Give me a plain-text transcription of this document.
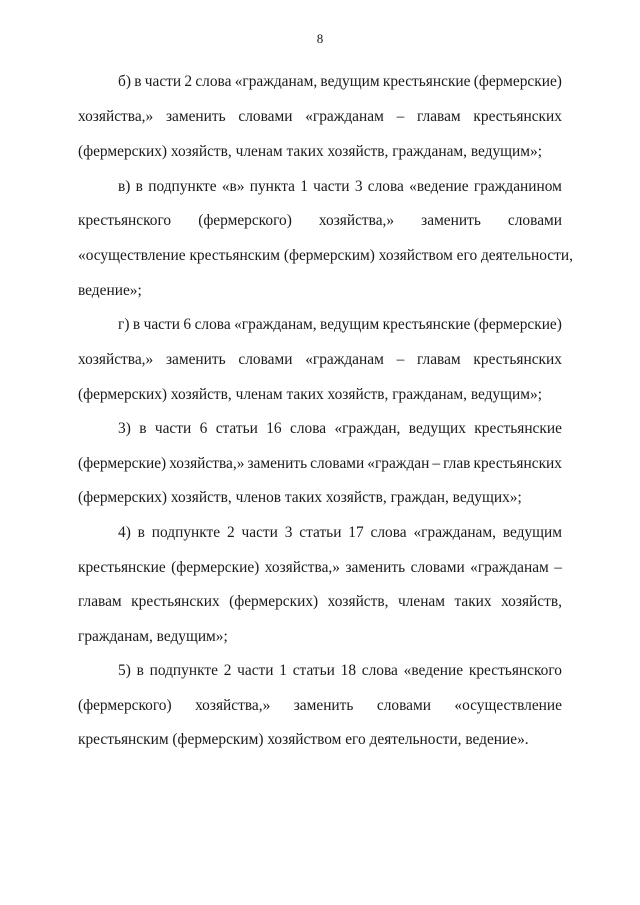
8
б) в части 2 слова «гражданам, ведущим крестьянские (фермерские)
хозяйства,» заменить словами «гражданам – главам крестьянских
(фермерских) хозяйств, членам таких хозяйств, гражданам, ведущим»;
в) в подпункте «в» пункта 1 части 3 слова «ведение гражданином
крестьянского (фермерского) хозяйства,» заменить словами
«осуществление крестьянским (фермерским) хозяйством его деятельности,
ведение»;
г) в части 6 слова «гражданам, ведущим крестьянские (фермерские)
хозяйства,» заменить словами «гражданам – главам крестьянских
(фермерских) хозяйств, членам таких хозяйств, гражданам, ведущим»;
3) в части 6 статьи 16 слова «граждан, ведущих крестьянские
(фермерские) хозяйства,» заменить словами «граждан – глав крестьянских
(фермерских) хозяйств, членов таких хозяйств, граждан, ведущих»;
4) в подпункте 2 части 3 статьи 17 слова «гражданам, ведущим
крестьянские (фермерские) хозяйства,» заменить словами «гражданам –
главам крестьянских (фермерских) хозяйств, членам таких хозяйств,
гражданам, ведущим»;
5) в подпункте 2 части 1 статьи 18 слова «ведение крестьянского
(фермерского) хозяйства,» заменить словами «осуществление
крестьянским (фермерским) хозяйством его деятельности, ведение».
